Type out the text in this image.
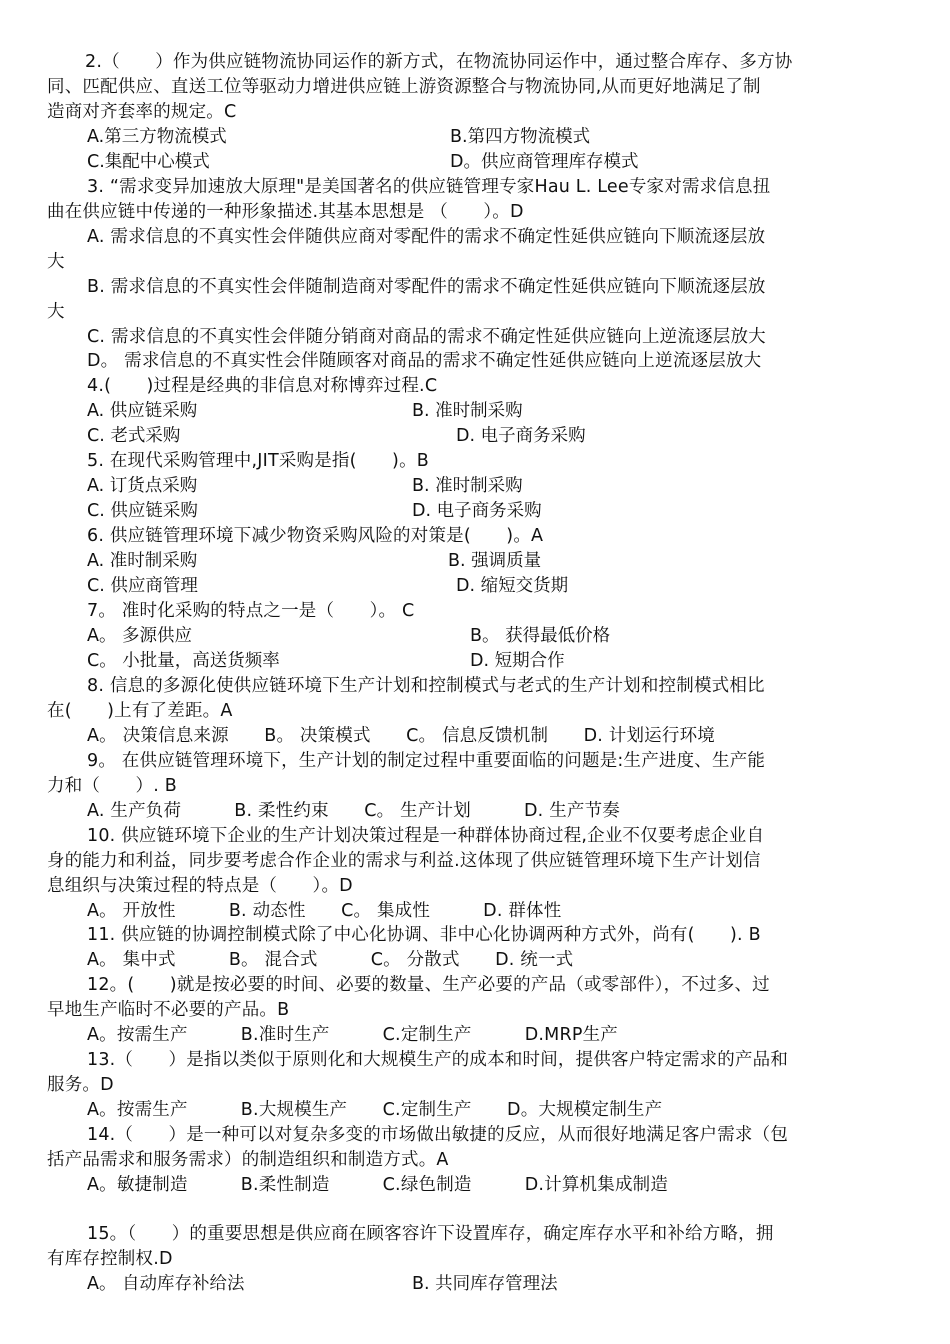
2.（　　）作为供应链物流协同运作的新方式，在物流协同运作中，通过整合库存、多方协
同、匹配供应、直送工位等驱动力增进供应链上游资源整合与物流协同,从而更好地满足了制
造商对齐套率的规定。C
A.第三方物流模式	B.第四方物流模式
C.集配中心模式	D。供应商管理库存模式
3. “需求变异加速放大原理"是美国著名的供应链管理专家Hau L. Lee专家对需求信息扭
曲在供应链中传递的一种形象描述.其基本思想是 （　　）。D
A. 需求信息的不真实性会伴随供应商对零配件的需求不确定性延供应链向下顺流逐层放
大
B. 需求信息的不真实性会伴随制造商对零配件的需求不确定性延供应链向下顺流逐层放
大
C. 需求信息的不真实性会伴随分销商对商品的需求不确定性延供应链向上逆流逐层放大
D。 需求信息的不真实性会伴随顾客对商品的需求不确定性延供应链向上逆流逐层放大
4.(　　)过程是经典的非信息对称博弈过程.C
A. 供应链采购	B. 准时制采购
C. 老式采购	D. 电子商务采购
5. 在现代采购管理中,JIT采购是指(　　)。B
A. 订货点采购	B. 准时制采购
C. 供应链采购	D. 电子商务采购
6. 供应链管理环境下减少物资采购风险的对策是(　　)。A
A. 准时制采购	B. 强调质量
C. 供应商管理	D. 缩短交货期
7。 准时化采购的特点之一是（　　）。 C
A。 多源供应	B。 获得最低价格
C。 小批量，高送货频率	D. 短期合作
8. 信息的多源化使供应链环境下生产计划和控制模式与老式的生产计划和控制模式相比
在(　　)上有了差距。A
A。 决策信息来源　　B。 决策模式　　C。 信息反馈机制　　D. 计划运行环境
9。 在供应链管理环境下，生产计划的制定过程中重要面临的问题是:生产进度、生产能
力和（　　）. B
A. 生产负荷　　　B. 柔性约束　　C。 生产计划　　　D. 生产节奏
10. 供应链环境下企业的生产计划决策过程是一种群体协商过程,企业不仅要考虑企业自
身的能力和利益，同步要考虑合作企业的需求与利益.这体现了供应链管理环境下生产计划信
息组织与决策过程的特点是（　　）。D
A。 开放性　　　B. 动态性　　C。 集成性　　　D. 群体性
11. 供应链的协调控制模式除了中心化协调、非中心化协调两种方式外，尚有(　　). B
A。 集中式　　　B。 混合式　　　C。 分散式　　D. 统一式
12。(　　)就是按必要的时间、必要的数量、生产必要的产品（或零部件），不过多、过
早地生产临时不必要的产品。B
A。按需生产　　　B.准时生产　　　C.定制生产　　　D.MRP生产
13.（　　）是指以类似于原则化和大规模生产的成本和时间，提供客户特定需求的产品和
服务。D
A。按需生产　　　B.大规模生产　　C.定制生产　　D。大规模定制生产
14.（　　）是一种可以对复杂多变的市场做出敏捷的反应，从而很好地满足客户需求（包
括产品需求和服务需求）的制造组织和制造方式。A
A。敏捷制造　　　B.柔性制造　　　C.绿色制造　　　D.计算机集成制造
15。（　　）的重要思想是供应商在顾客容许下设置库存，确定库存水平和补给方略，拥
有库存控制权.D
A。 自动库存补给法	B. 共同库存管理法
